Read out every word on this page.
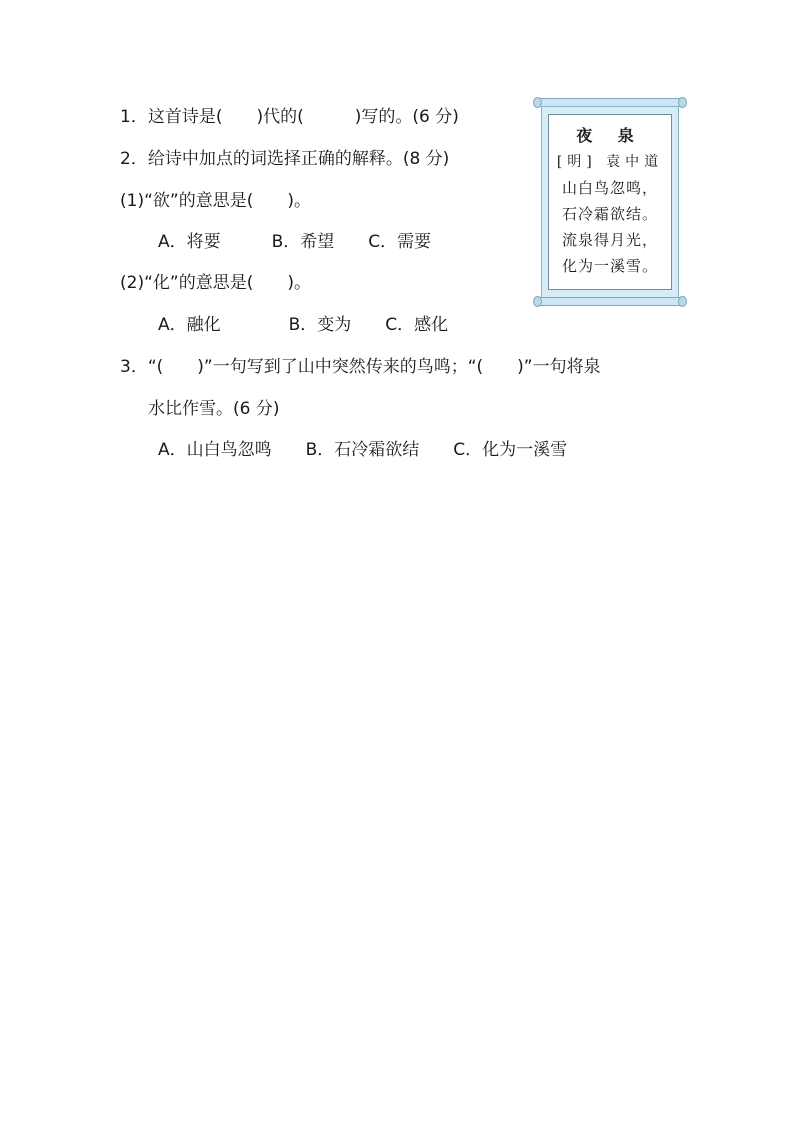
1．这首诗是(　　)代的(　　　)写的。(6 分)
2．给诗中加点的词选择正确的解释。(8 分)
(1)“欲”的意思是(　　)。
A．将要　　　B．希望　　C．需要
(2)“化”的意思是(　　)。
A．融化　　　　B．变为　　C．感化
3．“(　　)”一句写到了山中突然传来的鸟鸣；“(　　)”一句将泉
水比作雪。(6 分)
A．山白鸟忽鸣　　B．石冷霜欲结　　C．化为一溪雪
夜 泉
[明] 袁中道
山白鸟忽鸣，
石冷霜欲结。
流泉得月光，
化为一溪雪。
